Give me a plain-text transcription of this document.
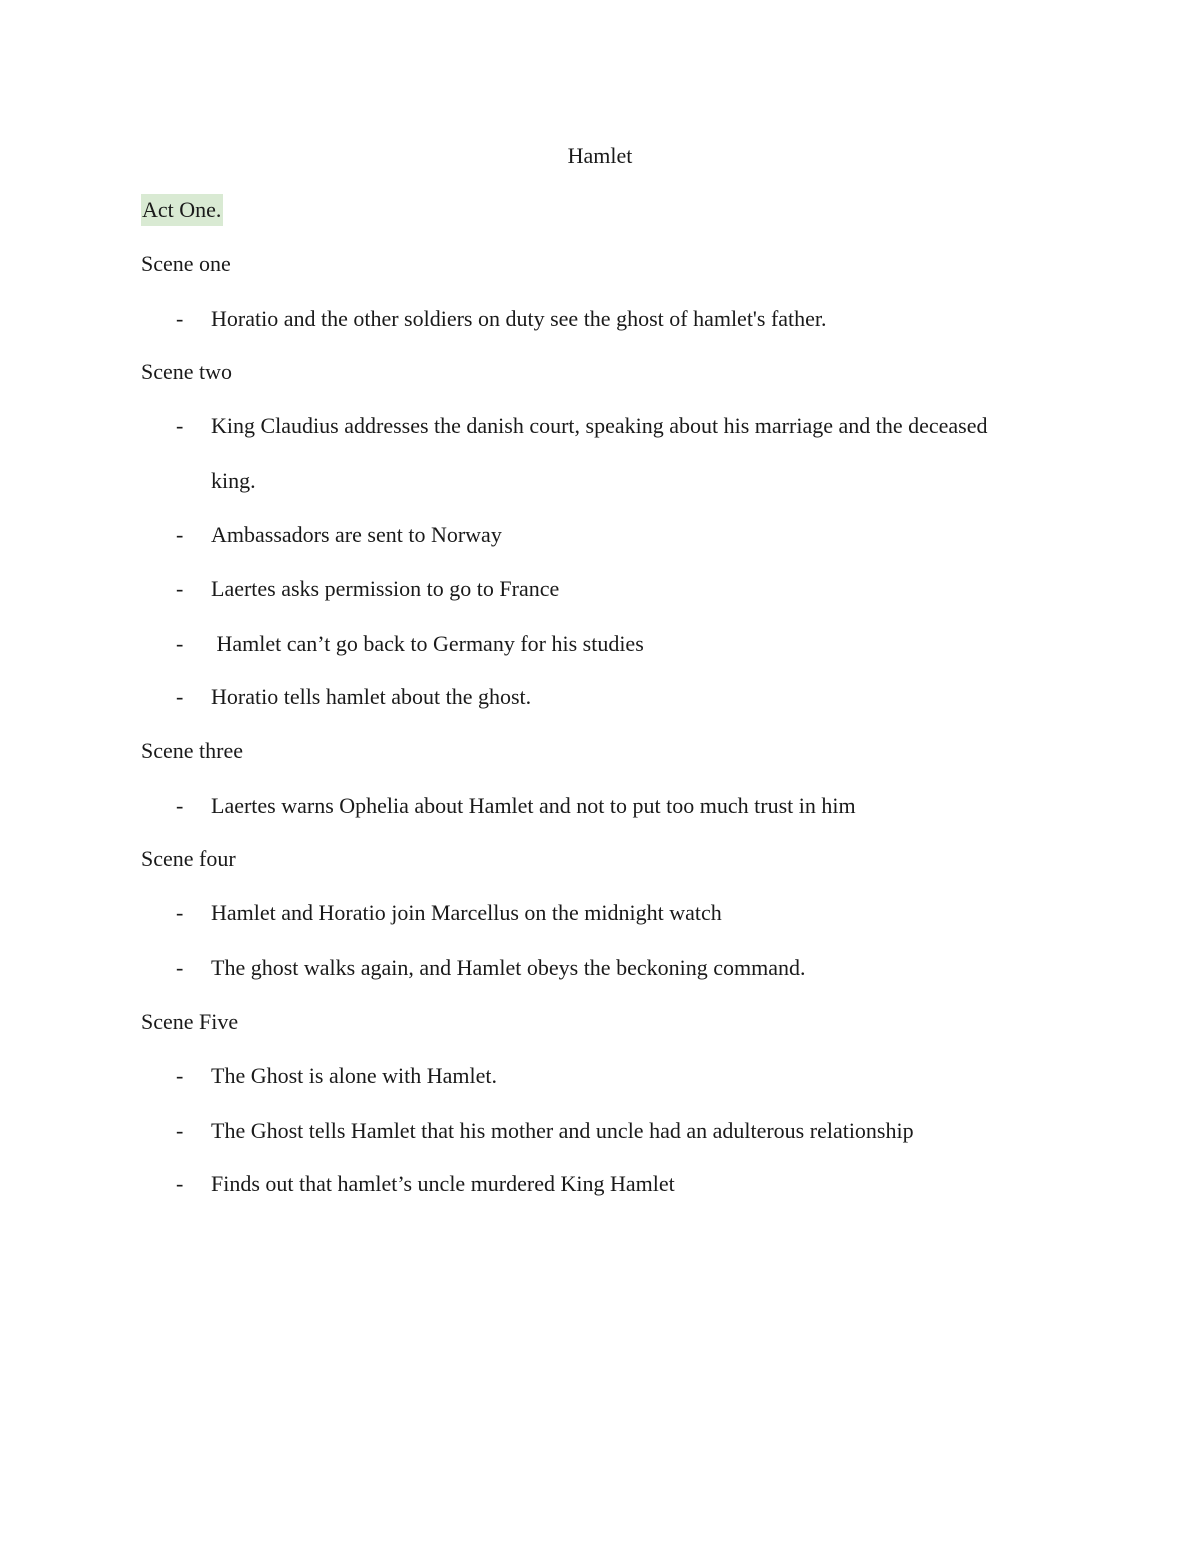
Hamlet
Act One.
Scene one
- Horatio and the other soldiers on duty see the ghost of hamlet's father.
Scene two
- King Claudius addresses the danish court, speaking about his marriage and the deceased
king.
- Ambassadors are sent to Norway
- Laertes asks permission to go to France
- Hamlet can’t go back to Germany for his studies
- Horatio tells hamlet about the ghost.
Scene three
- Laertes warns Ophelia about Hamlet and not to put too much trust in him
Scene four
- Hamlet and Horatio join Marcellus on the midnight watch
- The ghost walks again, and Hamlet obeys the beckoning command.
Scene Five
- The Ghost is alone with Hamlet.
- The Ghost tells Hamlet that his mother and uncle had an adulterous relationship
- Finds out that hamlet’s uncle murdered King Hamlet
